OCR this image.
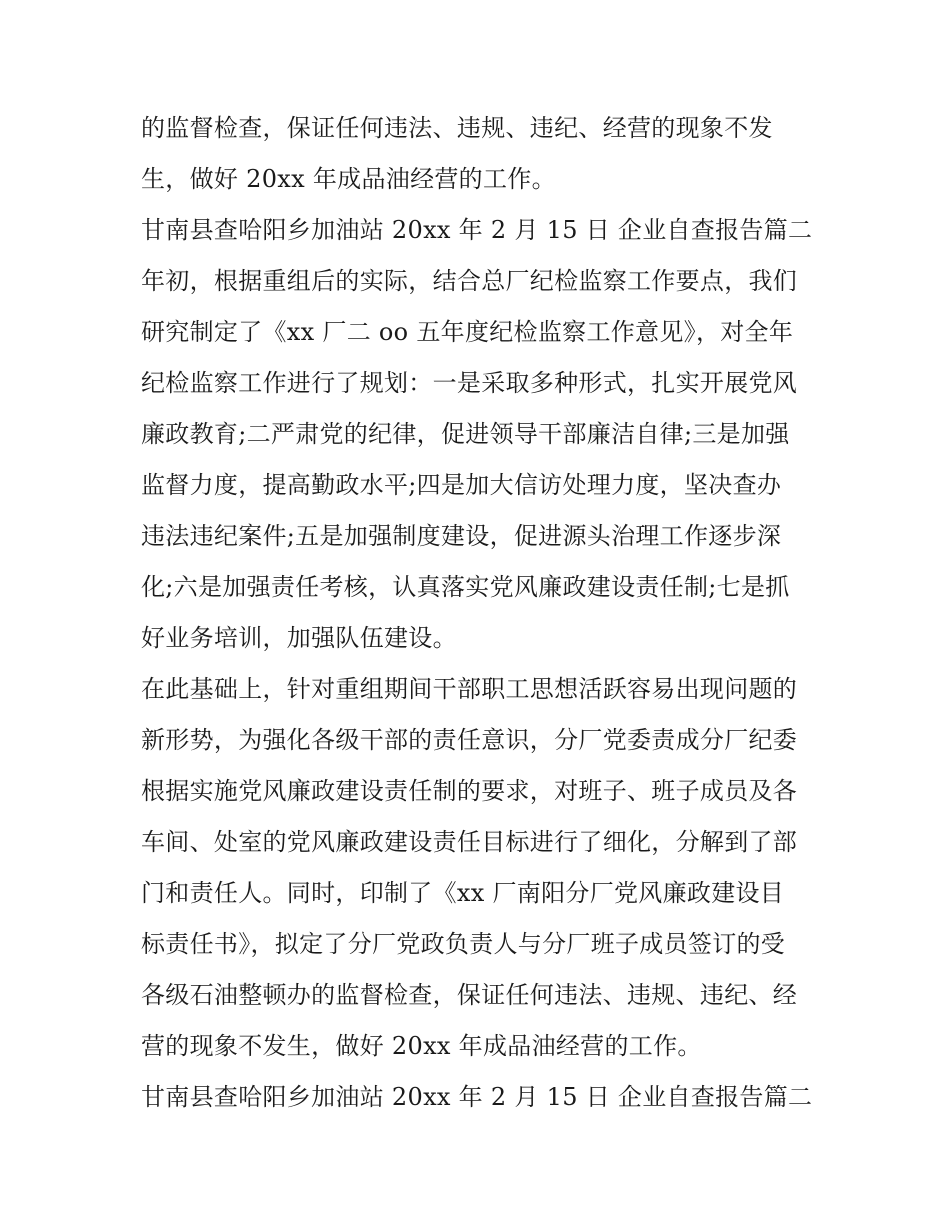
的监督检查，保证任何违法、违规、违纪、经营的现象不发
生，做好 20xx 年成品油经营的工作。
甘南县查哈阳乡加油站 20xx 年 2 月 15 日 企业自查报告篇二
年初，根据重组后的实际，结合总厂纪检监察工作要点，我们
研究制定了《xx 厂二 oo 五年度纪检监察工作意见》，对全年
纪检监察工作进行了规划：一是采取多种形式，扎实开展党风
廉政教育;二严肃党的纪律，促进领导干部廉洁自律;三是加强
监督力度，提高勤政水平;四是加大信访处理力度，坚决查办
违法违纪案件;五是加强制度建设，促进源头治理工作逐步深
化;六是加强责任考核，认真落实党风廉政建设责任制;七是抓
好业务培训，加强队伍建设。
在此基础上，针对重组期间干部职工思想活跃容易出现问题的
新形势，为强化各级干部的责任意识，分厂党委责成分厂纪委
根据实施党风廉政建设责任制的要求，对班子、班子成员及各
车间、处室的党风廉政建设责任目标进行了细化，分解到了部
门和责任人。同时，印制了《xx 厂南阳分厂党风廉政建设目
标责任书》，拟定了分厂党政负责人与分厂班子成员签订的受
各级石油整顿办的监督检查，保证任何违法、违规、违纪、经
营的现象不发生，做好 20xx 年成品油经营的工作。
甘南县查哈阳乡加油站 20xx 年 2 月 15 日 企业自查报告篇二
